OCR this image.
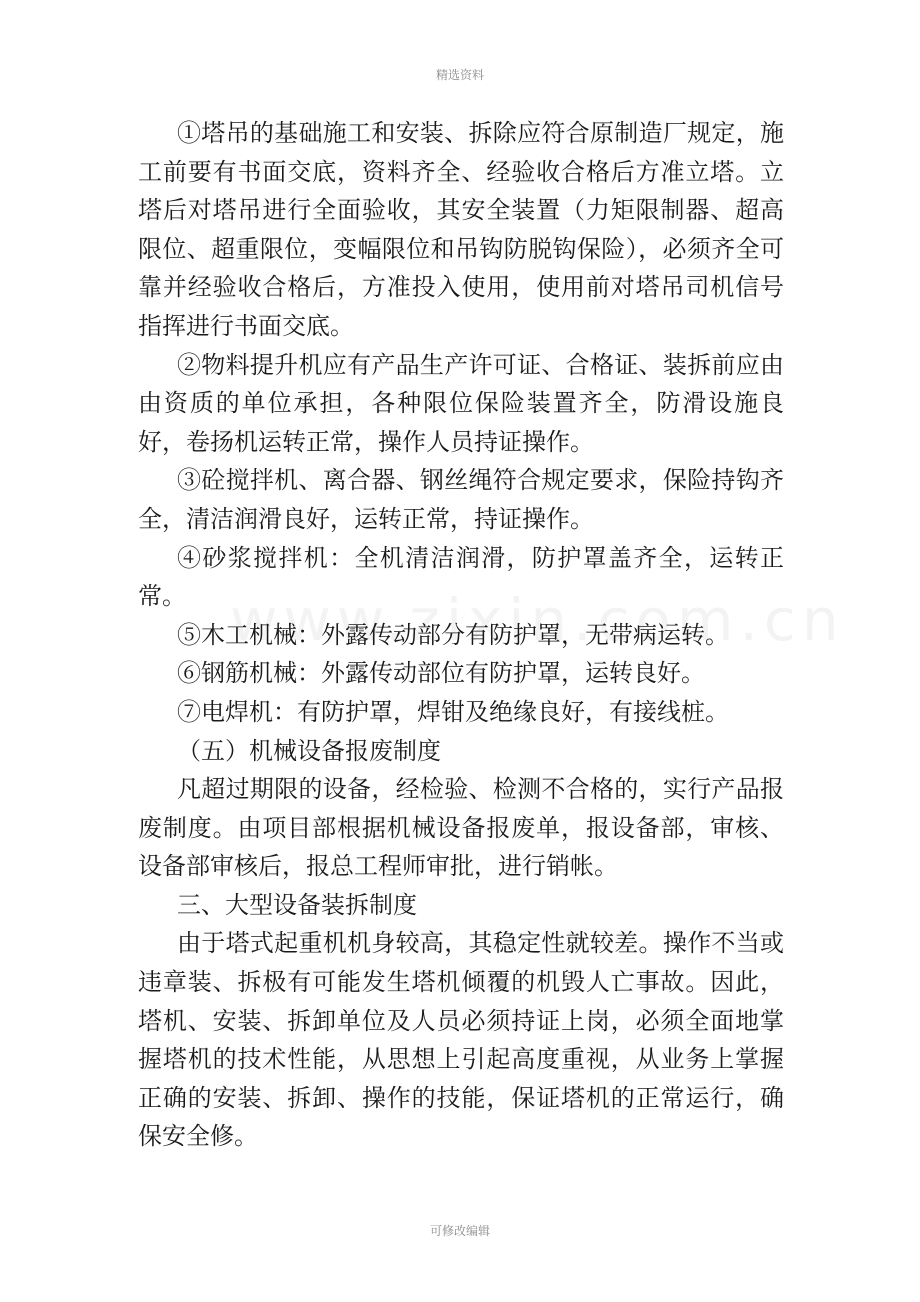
精选资料

①塔吊的基础施工和安装、拆除应符合原制造厂规定，施工前要有书面交底，资料齐全、经验收合格后方准立塔。立塔后对塔吊进行全面验收，其安全装置（力矩限制器、超高限位、超重限位，变幅限位和吊钩防脱钩保险），必须齐全可靠并经验收合格后，方准投入使用，使用前对塔吊司机信号指挥进行书面交底。

②物料提升机应有产品生产许可证、合格证、装拆前应由由资质的单位承担，各种限位保险装置齐全，防滑设施良好，卷扬机运转正常，操作人员持证操作。

③砼搅拌机、离合器、钢丝绳符合规定要求，保险持钩齐全，清洁润滑良好，运转正常，持证操作。

④砂浆搅拌机：全机清洁润滑，防护罩盖齐全，运转正常。

⑤木工机械：外露传动部分有防护罩，无带病运转。

⑥钢筋机械：外露传动部位有防护罩，运转良好。

⑦电焊机：有防护罩，焊钳及绝缘良好，有接线桩。

（五）机械设备报废制度

凡超过期限的设备，经检验、检测不合格的，实行产品报废制度。由项目部根据机械设备报废单，报设备部，审核、设备部审核后，报总工程师审批，进行销帐。

三、大型设备装拆制度

由于塔式起重机机身较高，其稳定性就较差。操作不当或违章装、拆极有可能发生塔机倾覆的机毁人亡事故。因此，塔机、安装、拆卸单位及人员必须持证上岗，必须全面地掌握塔机的技术性能，从思想上引起高度重视，从业务上掌握正确的安装、拆卸、操作的技能，保证塔机的正常运行，确保安全修。

可修改编辑
